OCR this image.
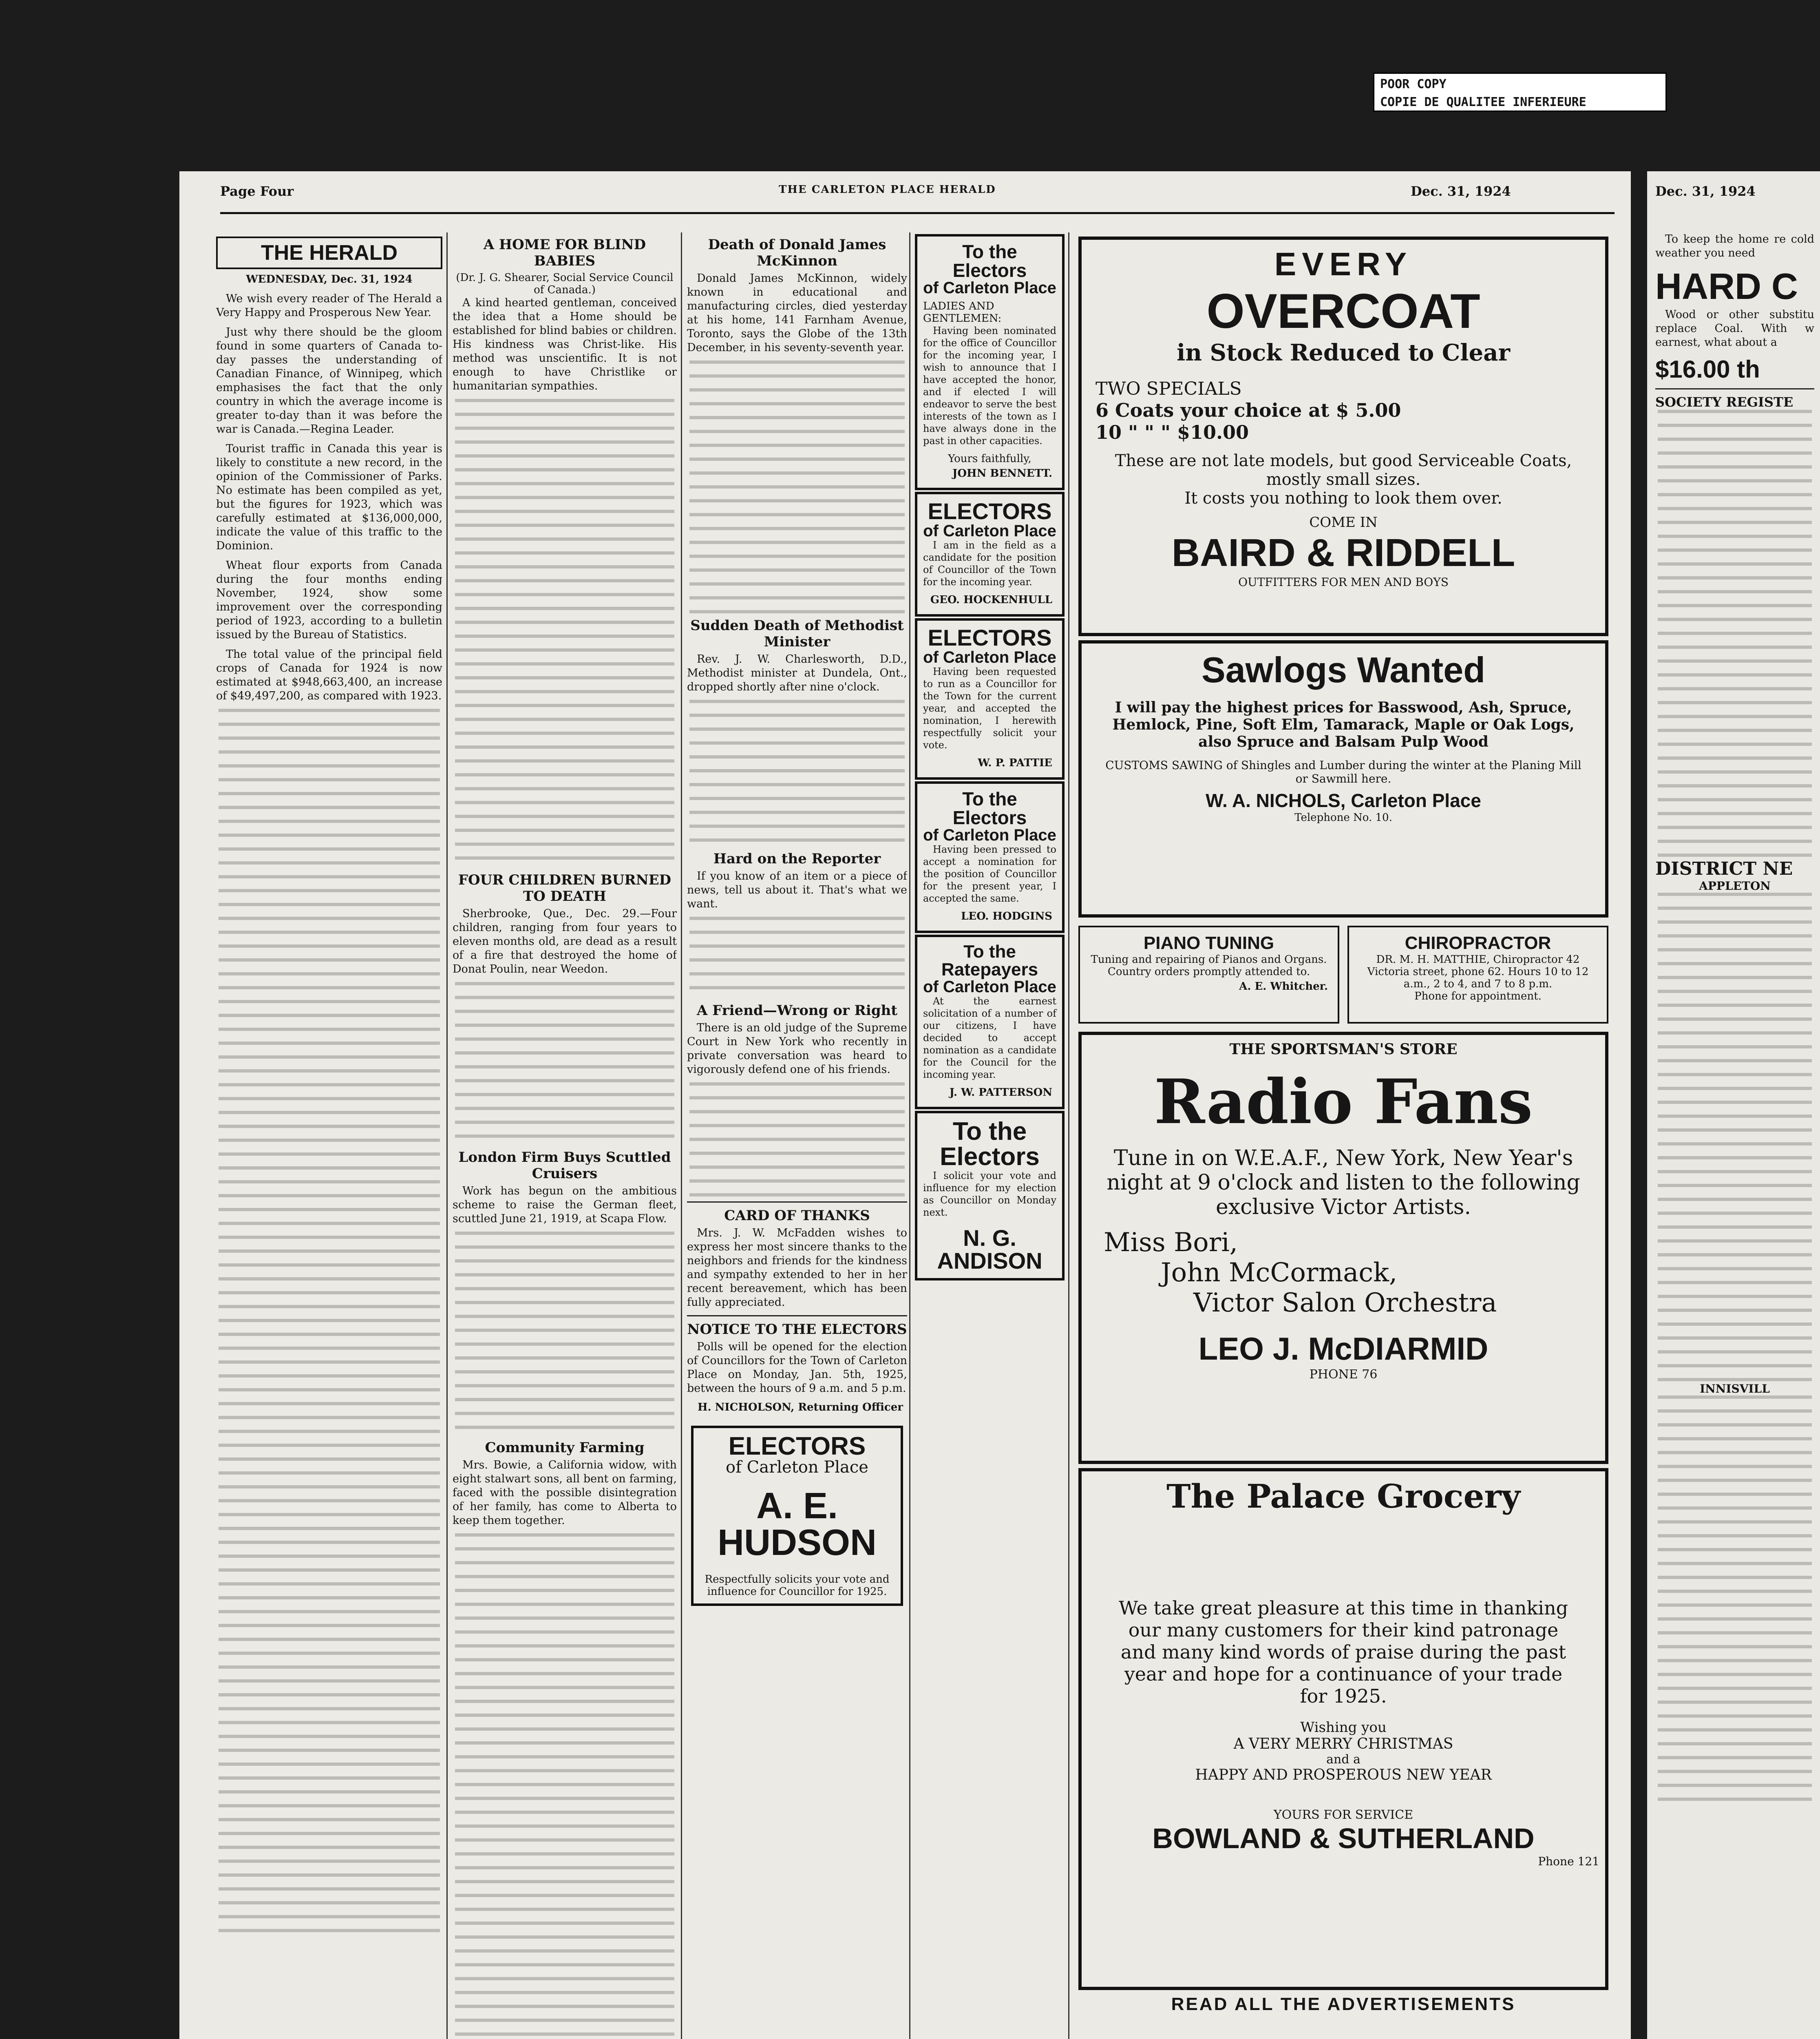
POOR COPY
COPIE DE QUALITEE INFERIEURE
Page Four	THE CARLETON PLACE HERALD	Dec. 31, 1924
THE HERALD
WEDNESDAY, Dec. 31, 1924

We wish every reader of The Herald a Very Happy and Prosperous New Year.

Just why there should be the gloom found in some quarters of Canada to-day passes the understanding of Canadian Finance, of Winnipeg, which emphasises the fact that the only country in which the average income is greater to-day than it was before the war is Canada.—Regina Leader.

Tourist traffic in Canada this year is likely to constitute a new record, in the opinion of the Commissioner of Parks. No estimate has been compiled as yet, but the figures for 1923, which was carefully estimated at $136,000,000, indicate the value of this traffic to the Dominion.

Wheat flour exports from Canada during the four months ending November, 1924, show some improvement over the corresponding period of 1923, according to a bulletin issued by the Bureau of Statistics.

The total value of the principal field crops of Canada for 1924 is now estimated at $948,663,400, an increase of $49,497,200, as compared with 1923.

A HOME FOR BLIND BABIES
(Dr. J. G. Shearer, Social Service Council of Canada.)

A kind hearted gentleman, conceived the idea that a Home should be established for blind babies or children. His kindness was Christ-like. His method was unscientific. It is not enough to have Christlike or humanitarian sympathies.

FOUR CHILDREN BURNED TO DEATH

Sherbrooke, Que., Dec. 29.—Four children, ranging from four years to eleven months old, are dead as a result of a fire that destroyed the home of Donat Poulin, near Weedon.

London Firm Buys Scuttled Cruisers

Work has begun on the ambitious scheme to raise the German fleet, scuttled June 21, 1919, at Scapa Flow.

Community Farming

Mrs. Bowie, a California widow, with eight stalwart sons, all bent on farming, faced with the possible disintegration of her family, has come to Alberta to keep them together.

Death of Donald James McKinnon

Donald James McKinnon, widely known in educational and manufacturing circles, died yesterday at his home, 141 Farnham Avenue, Toronto, says the Globe of the 13th December, in his seventy-seventh year.

Sudden Death of Methodist Minister

Rev. J. W. Charlesworth, D.D., Methodist minister at Dundela, Ont., dropped shortly after nine o'clock.

Hard on the Reporter

If you know of an item or a piece of news, tell us about it. That's what we want.

A Friend—Wrong or Right

There is an old judge of the Supreme Court in New York who recently in private conversation was heard to vigorously defend one of his friends.

CARD OF THANKS

Mrs. J. W. McFadden wishes to express her most sincere thanks to the neighbors and friends for the kindness and sympathy extended to her in her recent bereavement, which has been fully appreciated.

NOTICE TO THE ELECTORS

Polls will be opened for the election of Councillors for the Town of Carleton Place on Monday, Jan. 5th, 1925, between the hours of 9 a.m. and 5 p.m.

H. NICHOLSON, Returning Officer
ELECTORS
of Carleton Place
A. E. HUDSON
Respectfully solicits your vote and influence for Councillor for 1925.
To the Electors
of Carleton Place
LADIES AND GENTLEMEN:

Having been nominated for the office of Councillor for the incoming year, I wish to announce that I have accepted the honor, and if elected I will endeavor to serve the best interests of the town as I have always done in the past in other capacities.

Yours faithfully,
JOHN BENNETT.
ELECTORS
of Carleton Place

I am in the field as a candidate for the position of Councillor of the Town for the incoming year.

GEO. HOCKENHULL
ELECTORS
of Carleton Place

Having been requested to run as a Councillor for the Town for the current year, and accepted the nomination, I herewith respectfully solicit your vote.

W. P. PATTIE
To the Electors
of Carleton Place

Having been pressed to accept a nomination for the position of Councillor for the present year, I accepted the same.

LEO. HODGINS
To the Ratepayers
of Carleton Place

At the earnest solicitation of a number of our citizens, I have decided to accept nomination as a candidate for the Council for the incoming year.

J. W. PATTERSON
To the Electors

I solicit your vote and influence for my election as Councillor on Monday next.

N. G. ANDISON
EVERY
OVERCOAT
in Stock Reduced to Clear
TWO SPECIALS
6 Coats your choice at $ 5.00
10 " " " $10.00
These are not late models, but good Serviceable Coats, mostly small sizes.
It costs you nothing to look them over.
COME IN
BAIRD & RIDDELL
OUTFITTERS FOR MEN AND BOYS
Sawlogs Wanted
I will pay the highest prices for Basswood, Ash, Spruce, Hemlock, Pine, Soft Elm, Tamarack, Maple or Oak Logs, also Spruce and Balsam Pulp Wood
CUSTOMS SAWING of Shingles and Lumber during the winter at the Planing Mill or Sawmill here.
W. A. NICHOLS, Carleton Place
Telephone No. 10.
PIANO TUNING
Tuning and repairing of Pianos and Organs. Country orders promptly attended to.
A. E. Whitcher.
CHIROPRACTOR
DR. M. H. MATTHIE, Chiropractor 42 Victoria street, phone 62. Hours 10 to 12 a.m., 2 to 4, and 7 to 8 p.m.
Phone for appointment.
THE SPORTSMAN'S STORE
Radio Fans
Tune in on W.E.A.F., New York, New Year's night at 9 o'clock and listen to the following exclusive Victor Artists.
Miss Bori,
John McCormack,
Victor Salon Orchestra
LEO J. McDIARMID
PHONE 76
The Palace Grocery
We take great pleasure at this time in thanking our many customers for their kind patronage and many kind words of praise during the past year and hope for a continuance of your trade for 1925.
Wishing you
A VERY MERRY CHRISTMAS
and a
HAPPY AND PROSPEROUS NEW YEAR
YOURS FOR SERVICE
BOWLAND & SUTHERLAND
Phone 121
READ ALL THE ADVERTISEMENTS
Dec. 31, 1924

To keep the home re cold weather you need

HARD C

Wood or other substitu replace Coal. With w earnest, what about a

$16.00 th
SOCIETY REGISTE
DISTRICT NE
APPLETON
INNISVILL
